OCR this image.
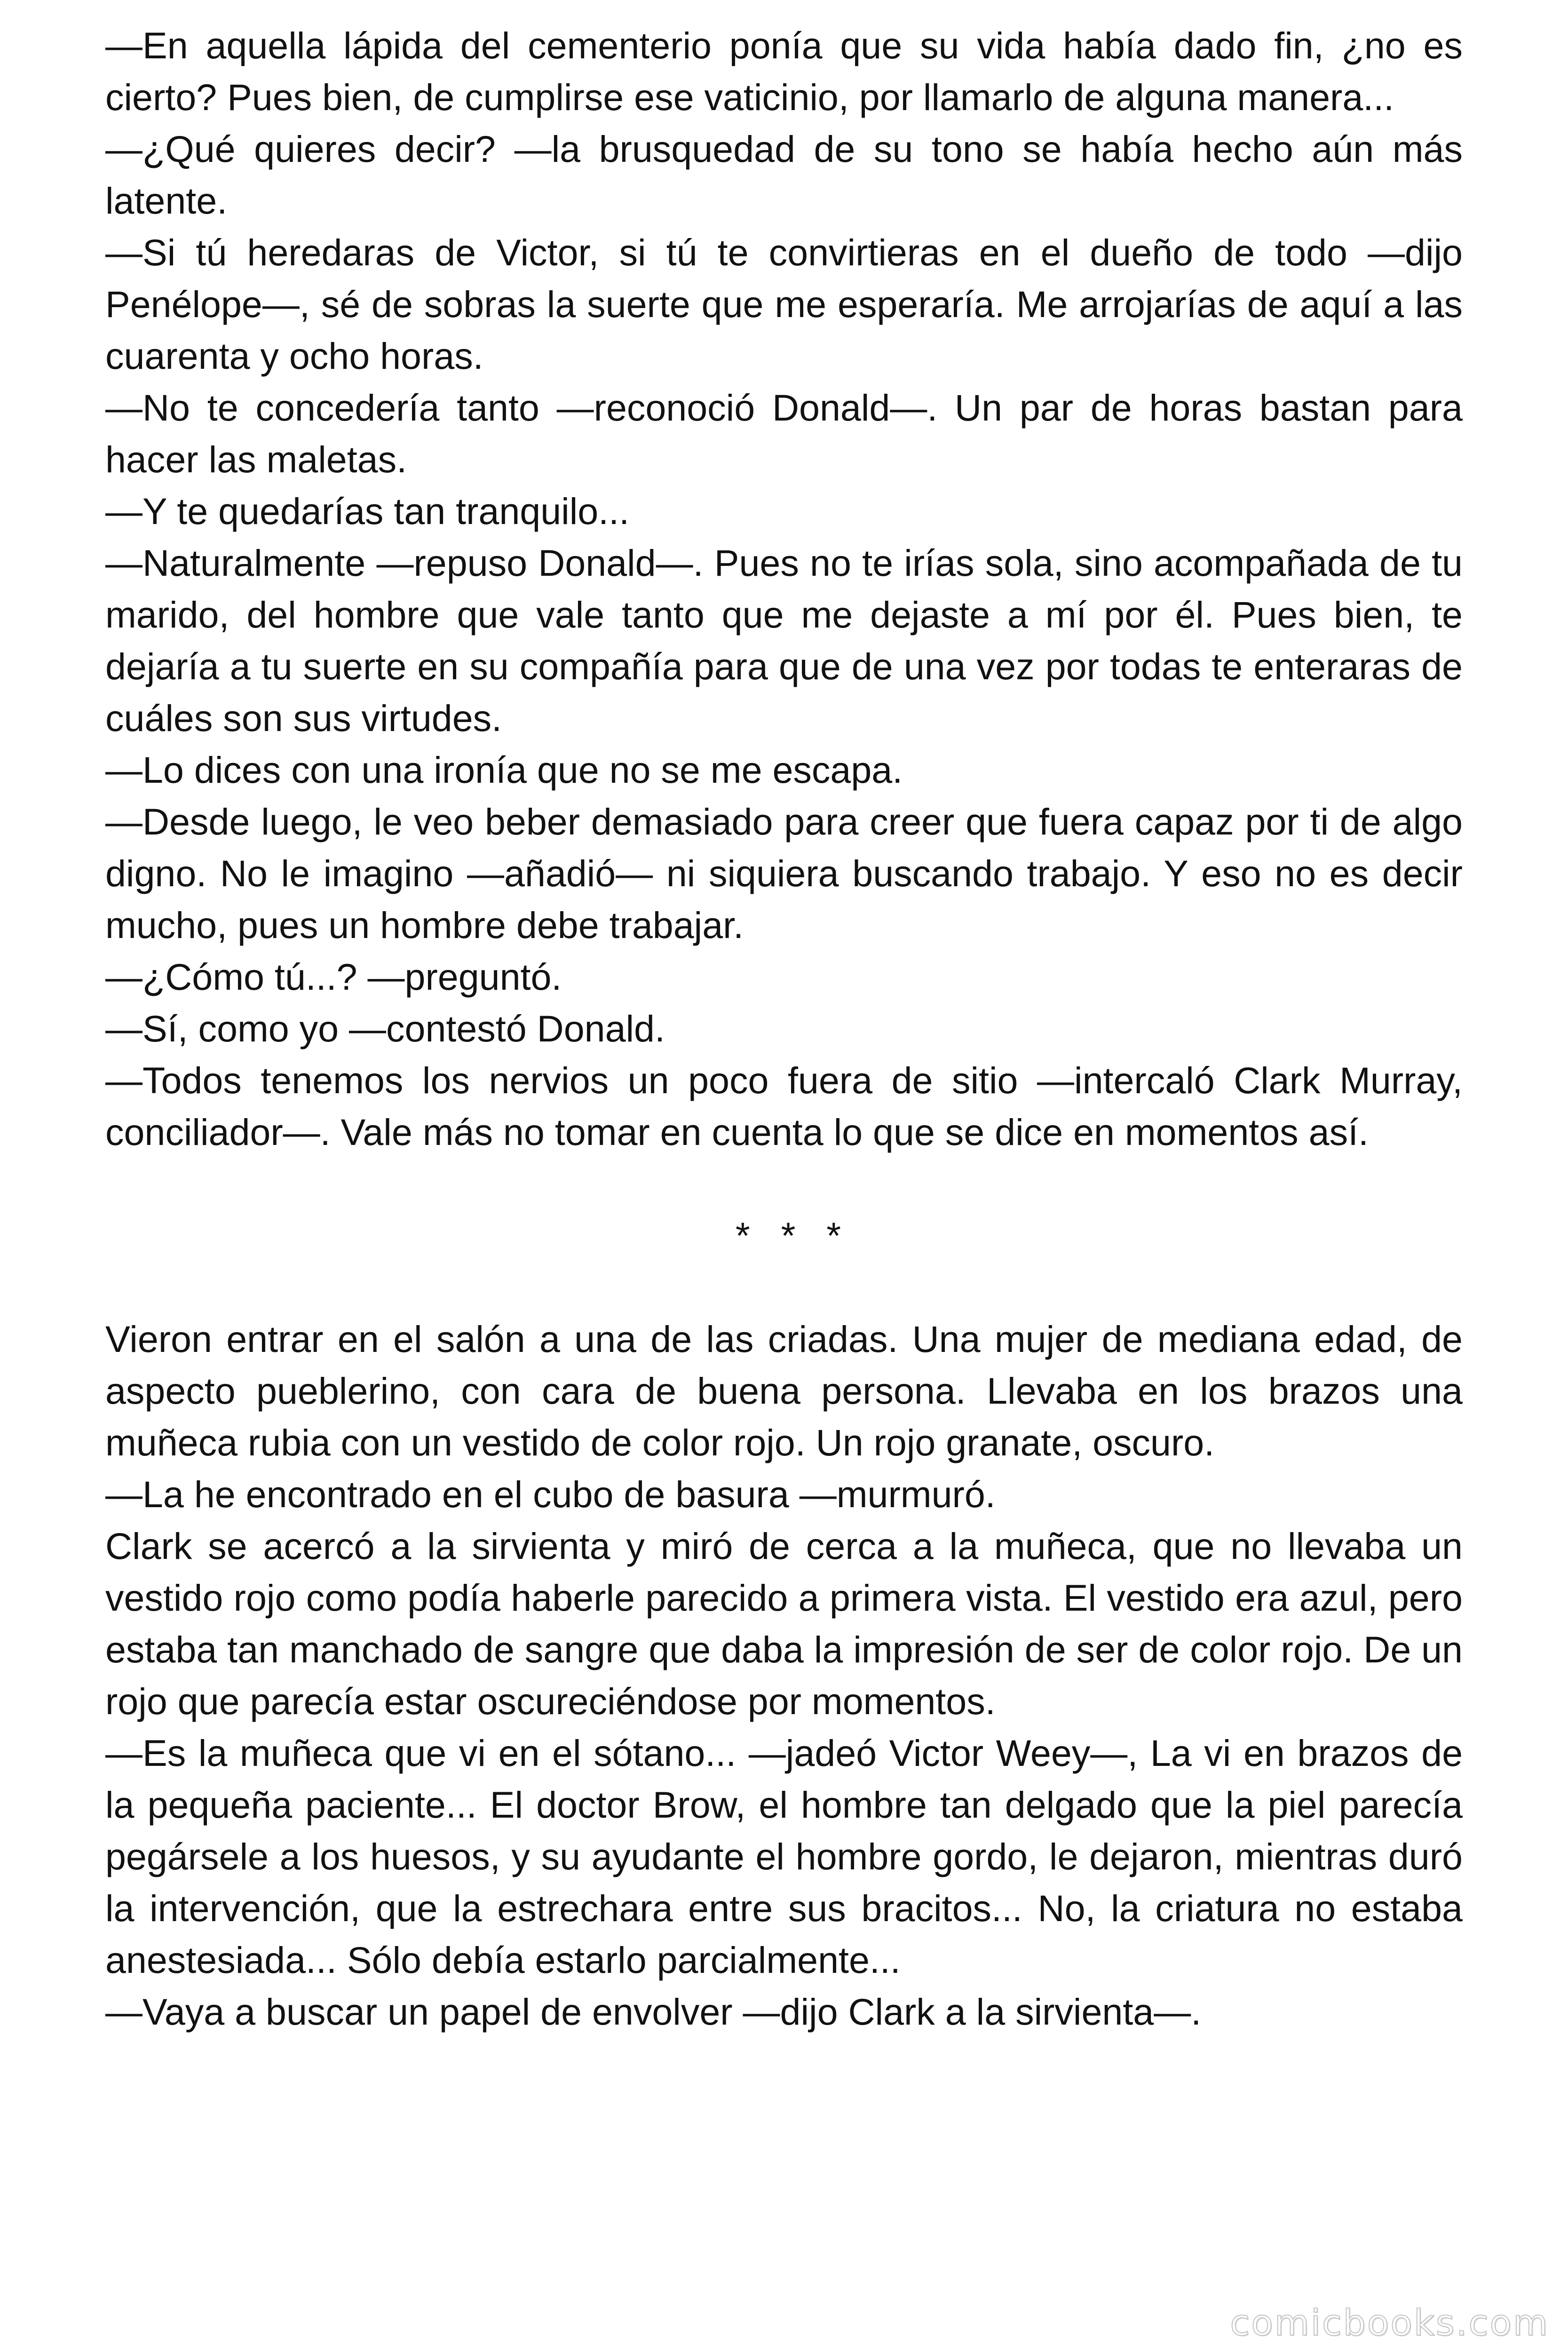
—En aquella lápida del cementerio ponía que su vida había dado fin, ¿no es cierto? Pues bien, de cumplirse ese vaticinio, por llamarlo de alguna manera...

—¿Qué quieres decir? —la brusquedad de su tono se había hecho aún más latente.

—Si tú heredaras de Victor, si tú te convirtieras en el dueño de todo —dijo Penélope—, sé de sobras la suerte que me esperaría. Me arrojarías de aquí a las cuarenta y ocho horas.

—No te concedería tanto —reconoció Donald—. Un par de horas bastan para hacer las maletas.

—Y te quedarías tan tranquilo...

—Naturalmente —repuso Donald—. Pues no te irías sola, sino acompañada de tu marido, del hombre que vale tanto que me dejaste a mí por él. Pues bien, te dejaría a tu suerte en su compañía para que de una vez por todas te enteraras de cuáles son sus virtudes.

—Lo dices con una ironía que no se me escapa.

—Desde luego, le veo beber demasiado para creer que fuera capaz por ti de algo digno. No le imagino —añadió— ni siquiera buscando trabajo. Y eso no es decir mucho, pues un hombre debe trabajar.

—¿Cómo tú...? —preguntó.

—Sí, como yo —contestó Donald.

—Todos tenemos los nervios un poco fuera de sitio —intercaló Clark Murray, conciliador—. Vale más no tomar en cuenta lo que se dice en momentos así.

* * *

Vieron entrar en el salón a una de las criadas. Una mujer de mediana edad, de aspecto pueblerino, con cara de buena persona. Llevaba en los brazos una muñeca rubia con un vestido de color rojo. Un rojo granate, oscuro.

—La he encontrado en el cubo de basura —murmuró.

Clark se acercó a la sirvienta y miró de cerca a la muñeca, que no llevaba un vestido rojo como podía haberle parecido a primera vista. El vestido era azul, pero estaba tan manchado de sangre que daba la impresión de ser de color rojo. De un rojo que parecía estar oscureciéndose por momentos.

—Es la muñeca que vi en el sótano... —jadeó Victor Weey—, La vi en brazos de la pequeña paciente... El doctor Brow, el hombre tan delgado que la piel parecía pegársele a los huesos, y su ayudante el hombre gordo, le dejaron, mientras duró la intervención, que la estrechara entre sus bracitos... No, la criatura no estaba anestesiada... Sólo debía estarlo parcialmente...

—Vaya a buscar un papel de envolver —dijo Clark a la sirvienta—.

comicbooks.com
